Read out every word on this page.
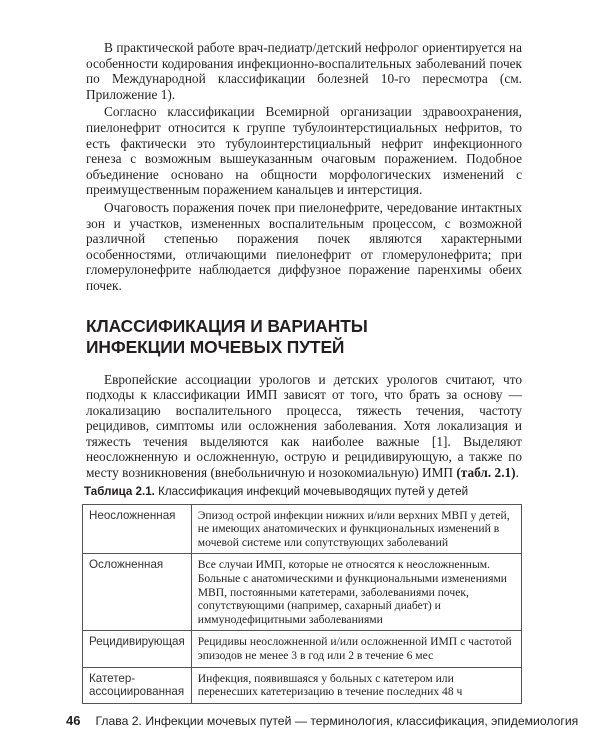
В практической работе врач-педиатр/детский нефролог ориентируется на особенности кодирования инфекционно-воспалительных заболеваний почек по Международной классификации болезней 10-го пересмотра (см. Приложение 1).

Согласно классификации Всемирной организации здравоохранения, пиелонефрит относится к группе тубулоинтерстициальных нефритов, то есть фактически это тубулоинтерстициальный нефрит инфекционного генеза с возможным вышеуказанным очаговым поражением. Подобное объединение основано на общности морфологических изменений с преимущественным поражением канальцев и интерстиция.

Очаговость поражения почек при пиелонефрите, чередование интактных зон и участков, измененных воспалительным процессом, с возможной различной степенью поражения почек являются характерными особенностями, отличающими пиелонефрит от гломерулонефрита; при гломерулонефрите наблюдается диффузное поражение паренхимы обеих почек.

КЛАССИФИКАЦИЯ И ВАРИАНТЫ
ИНФЕКЦИИ МОЧЕВЫХ ПУТЕЙ

Европейские ассоциации урологов и детских урологов считают, что подходы к классификации ИМП зависят от того, что брать за основу — локализацию воспалительного процесса, тяжесть течения, частоту рецидивов, симптомы или осложнения заболевания. Хотя локализация и тяжесть течения выделяются как наиболее важные [1]. Выделяют неосложненную и осложненную, острую и рецидивирующую, а также по месту возникновения (внебольничную и нозокомиальную) ИМП (табл. 2.1).

Таблица 2.1. Классификация инфекций мочевыводящих путей у детей
Неосложненная	Эпизод острой инфекции нижних и/или верхних МВП у детей, не имеющих анатомических и функциональных изменений в мочевой системе или сопутствующих заболеваний
Осложненная	Все случаи ИМП, которые не относятся к неосложненным. Больные с анатомическими и функциональными изменениями МВП, постоянными катетерами, заболеваниями почек, сопутствующими (например, сахарный диабет) и иммунодефицитными заболеваниями
Рецидивирующая	Рецидивы неосложненной и/или осложненной ИМП с частотой эпизодов не менее 3 в год или 2 в течение 6 мес
Катетер-ассоциированная	Инфекция, появившаяся у больных с катетером или перенесших катетеризацию в течение последних 48 ч
46 Глава 2. Инфекции мочевых путей — терминология, классификация, эпидемиология
